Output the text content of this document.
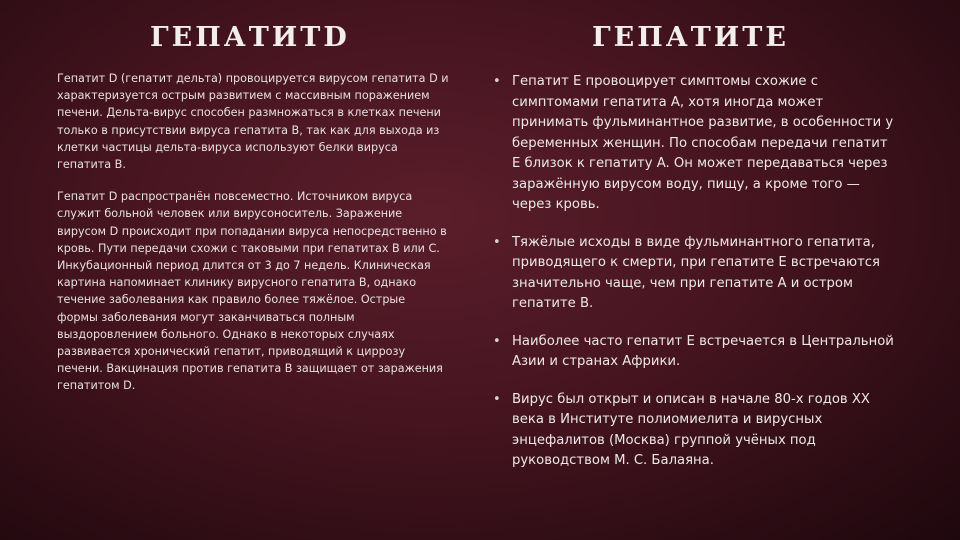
ГЕПАТИТD	ГЕПАТИТЕ

Гепатит D (гепатит дельта) провоцируется вирусом гепатита D и характеризуется острым развитием с массивным поражением печени. Дельта-вирус способен размножаться в клетках печени только в присутствии вируса гепатита B, так как для выхода из клетки частицы дельта-вируса используют белки вируса гепатита B.

Гепатит D распространён повсеместно. Источником вируса служит больной человек или вирусоноситель. Заражение вирусом D происходит при попадании вируса непосредственно в кровь. Пути передачи схожи с таковыми при гепатитах B или C. Инкубационный период длится от 3 до 7 недель. Клиническая картина напоминает клинику вирусного гепатита B, однако течение заболевания как правило более тяжёлое. Острые формы заболевания могут заканчиваться полным выздоровлением больного. Однако в некоторых случаях развивается хронический гепатит, приводящий к циррозу печени. Вакцинация против гепатита B защищает от заражения гепатитом D.

• Гепатит E провоцирует симптомы схожие с симптомами гепатита A, хотя иногда может принимать фульминантное развитие, в особенности у беременных женщин. По способам передачи гепатит E близок к гепатиту A. Он может передаваться через заражённую вирусом воду, пищу, а кроме того — через кровь.
• Тяжёлые исходы в виде фульминантного гепатита, приводящего к смерти, при гепатите Е встречаются значительно чаще, чем при гепатите А и остром гепатите В.
• Наиболее часто гепатит E встречается в Центральной Азии и странах Африки.
• Вирус был открыт и описан в начале 80-х годов XX века в Институте полиомиелита и вирусных энцефалитов (Москва) группой учёных под руководством М. С. Балаяна.
